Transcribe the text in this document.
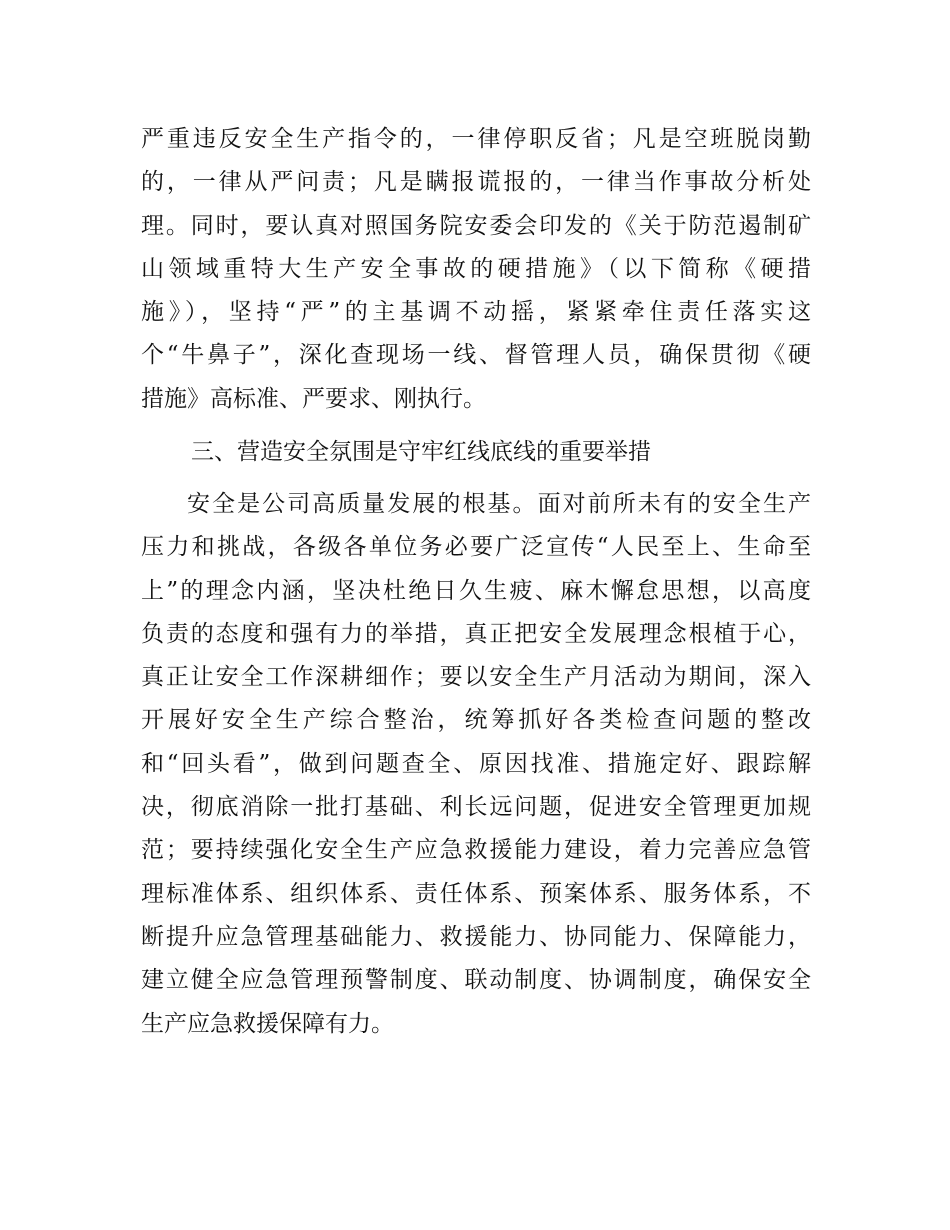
严重违反安全生产指令的，一律停职反省；凡是空班脱岗勤
的，一律从严问责；凡是瞒报谎报的，一律当作事故分析处
理。同时，要认真对照国务院安委会印发的《关于防范遏制矿
山领域重特大生产安全事故的硬措施》（以下简称《硬措
施》），坚持“严”的主基调不动摇，紧紧牵住责任落实这
个“牛鼻子”，深化查现场一线、督管理人员，确保贯彻《硬
措施》高标准、严要求、刚执行。
三、营造安全氛围是守牢红线底线的重要举措
安全是公司高质量发展的根基。面对前所未有的安全生产
压力和挑战，各级各单位务必要广泛宣传“人民至上、生命至
上”的理念内涵，坚决杜绝日久生疲、麻木懈怠思想，以高度
负责的态度和强有力的举措，真正把安全发展理念根植于心，
真正让安全工作深耕细作；要以安全生产月活动为期间，深入
开展好安全生产综合整治，统筹抓好各类检查问题的整改
和“回头看”，做到问题查全、原因找准、措施定好、跟踪解
决，彻底消除一批打基础、利长远问题，促进安全管理更加规
范；要持续强化安全生产应急救援能力建设，着力完善应急管
理标准体系、组织体系、责任体系、预案体系、服务体系，不
断提升应急管理基础能力、救援能力、协同能力、保障能力，
建立健全应急管理预警制度、联动制度、协调制度，确保安全
生产应急救援保障有力。
